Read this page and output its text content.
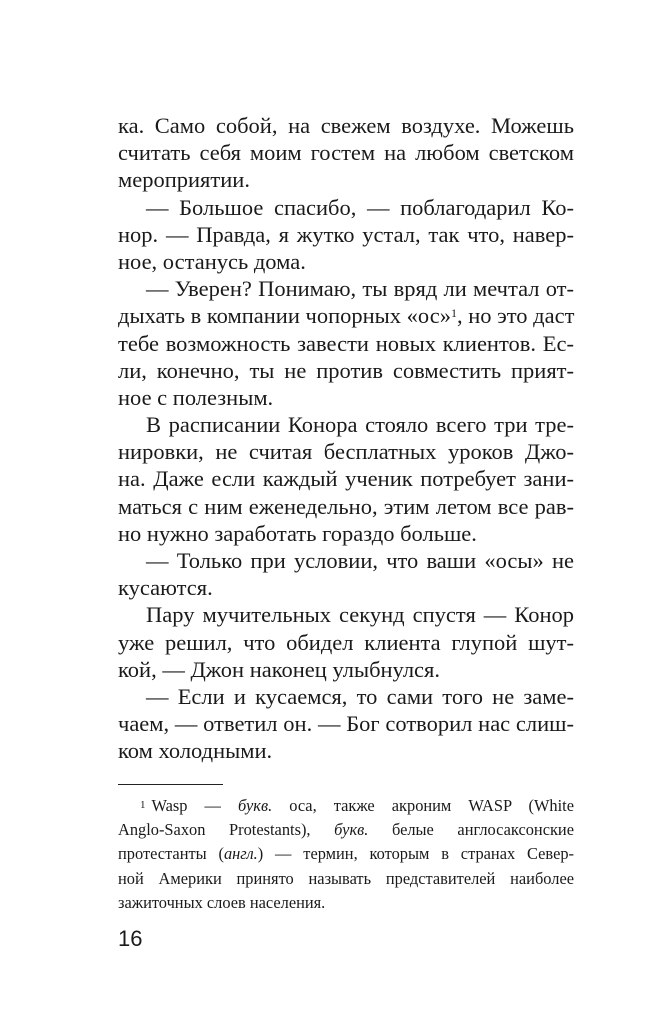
ка. Само собой, на свежем воздухе. Можешь
считать себя моим гостем на любом светском
мероприятии.
— Большое спасибо, — поблагодарил Ко-
нор. — Правда, я жутко устал, так что, навер-
ное, останусь дома.
— Уверен? Понимаю, ты вряд ли мечтал от-
дыхать в компании чопорных «ос»$^1$, но это даст
тебе возможность завести новых клиентов. Ес-
ли, конечно, ты не против совместить прият-
ное с полезным.
В расписании Конора стояло всего три тре-
нировки, не считая бесплатных уроков Джо-
на. Даже если каждый ученик потребует зани-
маться с ним еженедельно, этим летом все рав-
но нужно заработать гораздо больше.
— Только при условии, что ваши «осы» не
кусаются.
Пару мучительных секунд спустя — Конор
уже решил, что обидел клиента глупой шут-
кой, — Джон наконец улыбнулся.
— Если и кусаемся, то сами того не заме-
чаем, — ответил он. — Бог сотворил нас слиш-
ком холодными.
$^1$ Wasp — букв. оса, также акроним WASP (White
Anglo-Saxon Protestants), букв. белые англосаксонские
протестанты (англ.) — термин, которым в странах Север-
ной Америки принято называть представителей наиболее
зажиточных слоев населения.
16
